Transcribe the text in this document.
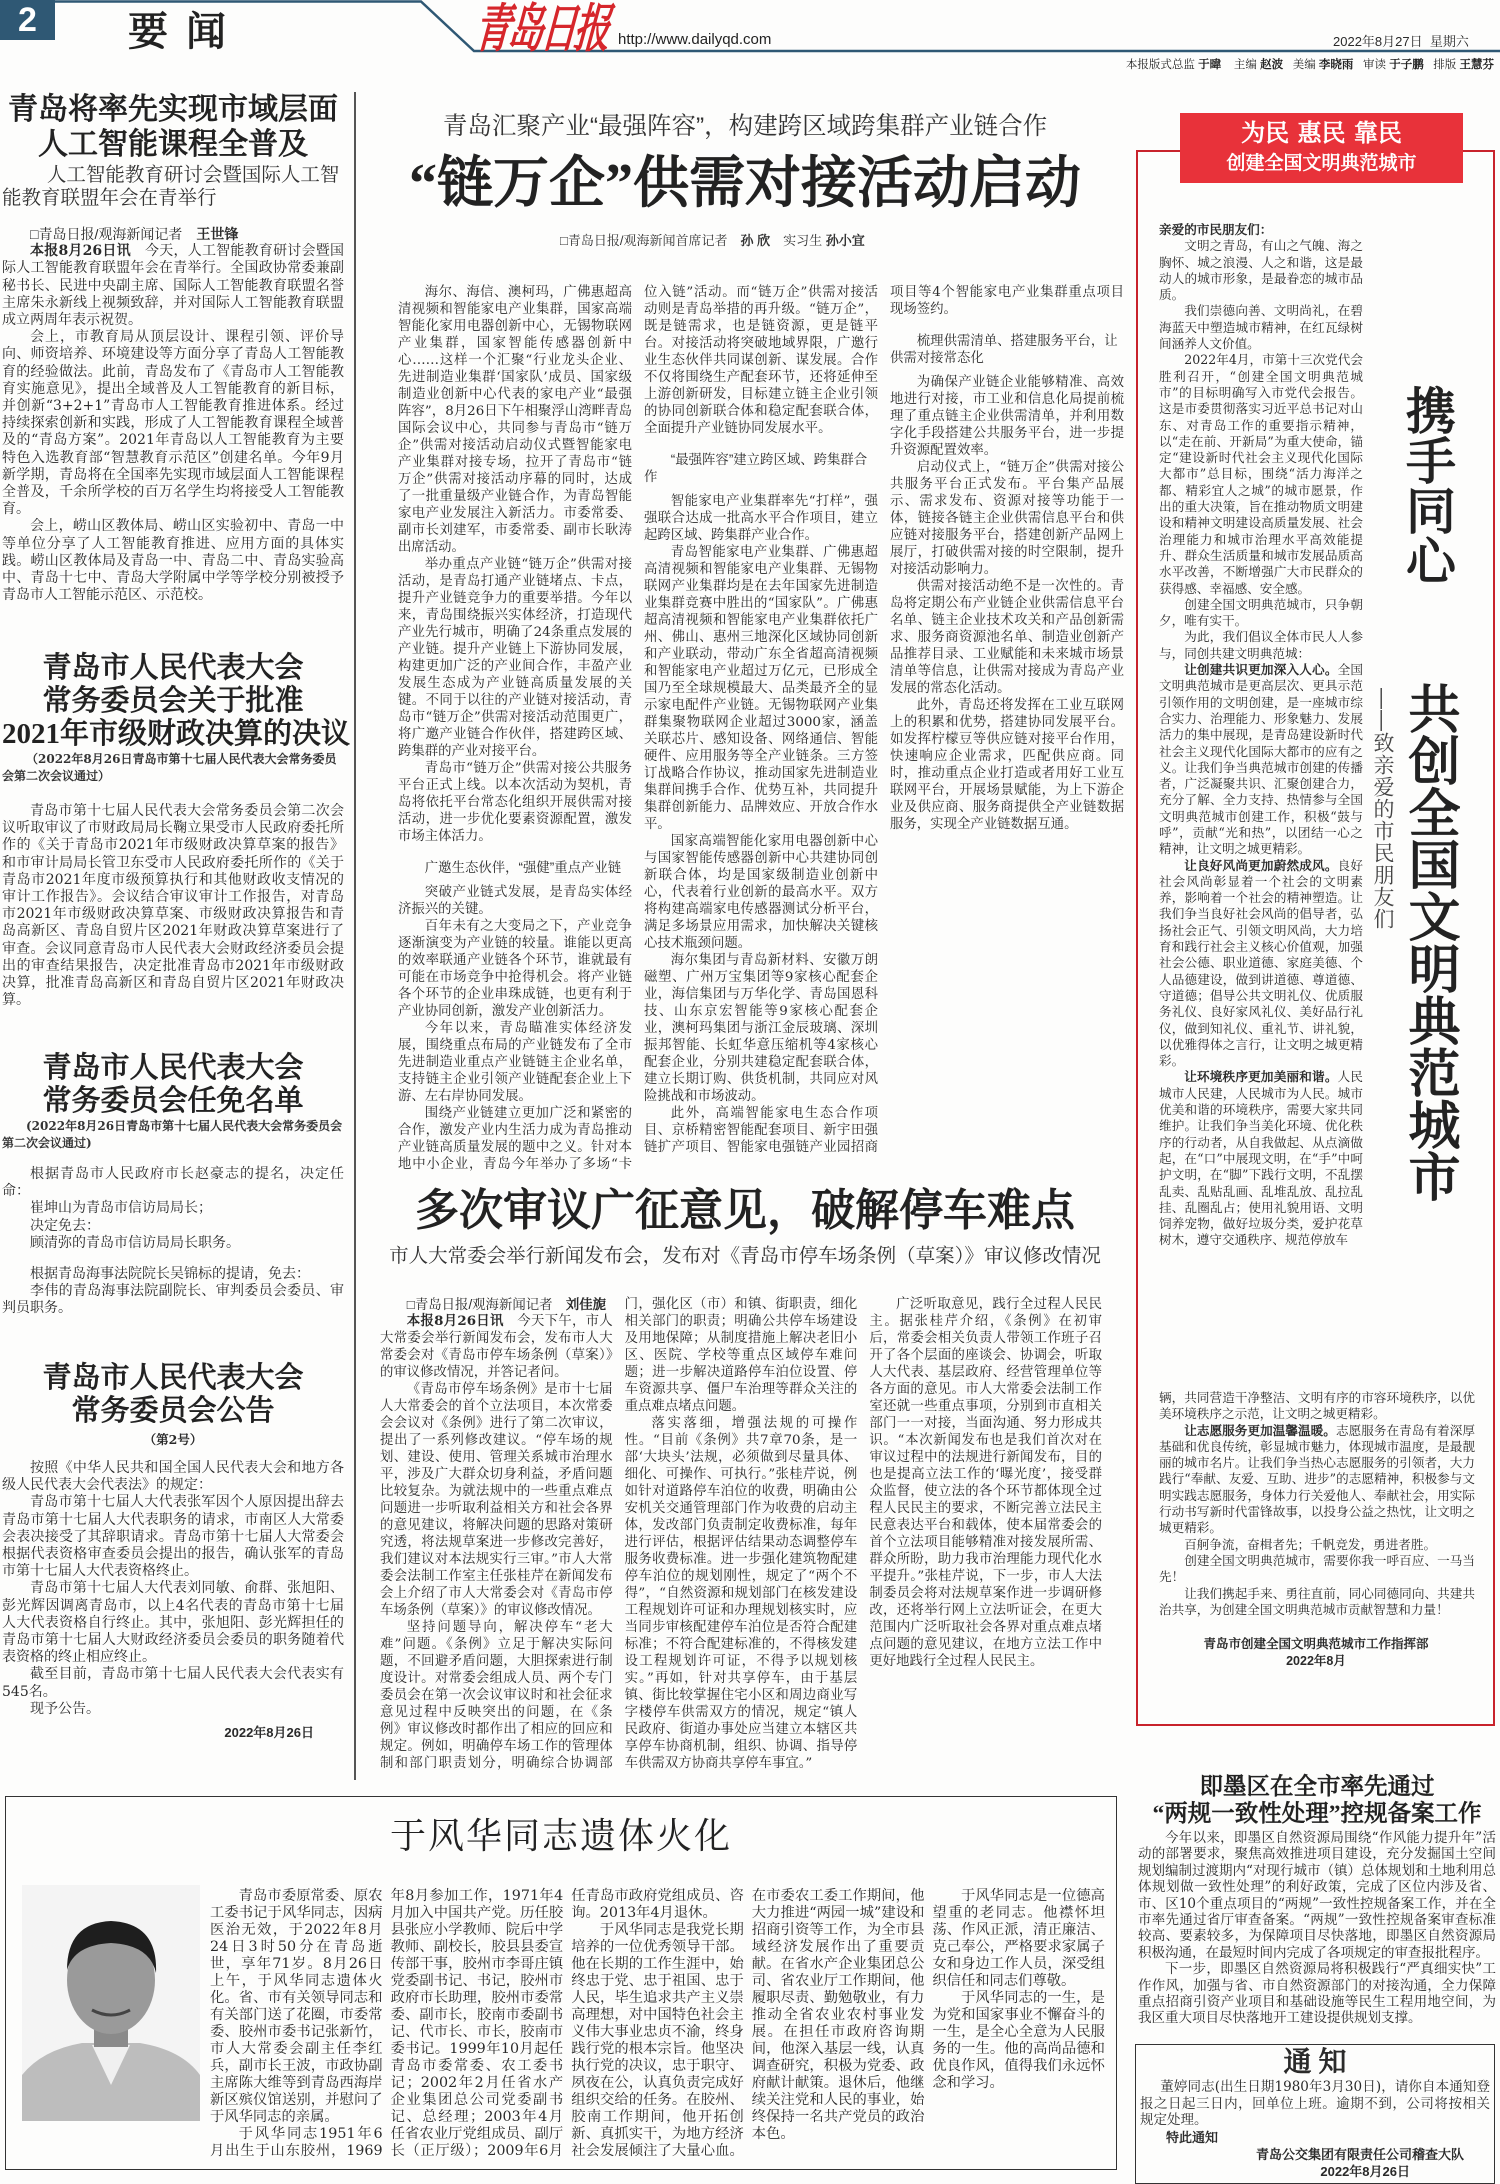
2	要闻	青岛日报 http://www.dailyqd.com	2022年8月27日 星期六
本报版式总监 于暐 主编 赵波 美编 李晓雨 审读 于子鹏 排版 王慧芬
青岛将率先实现市域层面
人工智能课程全普及
人工智能教育研讨会暨国际人工智能教育联盟年会在青举行
□青岛日报/观海新闻记者　 王世锋

本报8月26日讯　今天，人工智能教育研讨会暨国际人工智能教育联盟年会在青举行。全国政协常委兼副秘书长、民进中央副主席、国际人工智能教育联盟名誉主席朱永新线上视频致辞，并对国际人工智能教育联盟成立两周年表示祝贺。

会上，市教育局从顶层设计、课程引领、评价导向、师资培养、环境建设等方面分享了青岛人工智能教育的经验做法。此前，青岛发布了《青岛市人工智能教育实施意见》，提出全域普及人工智能教育的新目标，并创新“3+2+1”青岛市人工智能教育推进体系。经过持续探索创新和实践，形成了人工智能教育课程全域普及的“青岛方案”。2021年青岛以人工智能教育为主要特色入选教育部“智慧教育示范区”创建名单。今年9月新学期，青岛将在全国率先实现市域层面人工智能课程全普及，千余所学校的百万名学生均将接受人工智能教育。

会上，崂山区教体局、崂山区实验初中、青岛一中等单位分享了人工智能教育推进、应用方面的具体实践。崂山区教体局及青岛一中、青岛二中、青岛实验高中、青岛十七中、青岛大学附属中学等学校分别被授予青岛市人工智能示范区、示范校。

青岛市人民代表大会
常务委员会关于批准
2021年市级财政决算的决议
（2022年8月26日青岛市第十七届人民代表大会常务委员会第二次会议通过）

青岛市第十七届人民代表大会常务委员会第二次会议听取审议了市财政局局长鞠立果受市人民政府委托所作的《关于青岛市2021年市级财政决算草案的报告》和市审计局局长管卫东受市人民政府委托所作的《关于青岛市2021年度市级预算执行和其他财政收支情况的审计工作报告》。会议结合审议审计工作报告，对青岛市2021年市级财政决算草案、市级财政决算报告和青岛高新区、青岛自贸片区2021年财政决算草案进行了审查。会议同意青岛市人民代表大会财政经济委员会提出的审查结果报告，决定批准青岛市2021年市级财政决算，批准青岛高新区和青岛自贸片区2021年财政决算。

青岛市人民代表大会
常务委员会任免名单
(2022年8月26日青岛市第十七届人民代表大会常务委员会第二次会议通过)

根据青岛市人民政府市长赵豪志的提名，决定任命：

崔坤山为青岛市信访局局长；

决定免去：

顾清弥的青岛市信访局局长职务。

根据青岛海事法院院长吴锦标的提请，免去：

李伟的青岛海事法院副院长、审判委员会委员、审判员职务。

青岛市人民代表大会
常务委员会公告
（第2号）

按照《中华人民共和国全国人民代表大会和地方各级人民代表大会代表法》的规定：

青岛市第十七届人大代表张军因个人原因提出辞去青岛市第十七届人大代表职务的请求，市南区人大常委会表决接受了其辞职请求。青岛市第十七届人大常委会根据代表资格审查委员会提出的报告，确认张军的青岛市第十七届人大代表资格终止。

青岛市第十七届人大代表刘同敏、俞群、张旭阳、彭光辉因调离青岛市，以上4名代表的青岛市第十七届人大代表资格自行终止。其中，张旭阳、彭光辉担任的青岛市第十七届人大财政经济委员会委员的职务随着代表资格的终止相应终止。

截至目前，青岛市第十七届人民代表大会代表实有545名。

现予公告。

2022年8月26日
青岛汇聚产业“最强阵容”，构建跨区域跨集群产业链合作
“链万企”供需对接活动启动
□青岛日报/观海新闻首席记者　 孙 欣　 实习生 孙小宜

海尔、海信、澳柯玛，广佛惠超高清视频和智能家电产业集群，国家高端智能化家用电器创新中心，无锡物联网产业集群，国家智能传感器创新中心……这样一个汇聚“行业龙头企业、先进制造业集群‘国家队’成员、国家级制造业创新中心代表的家电产业“最强阵容”，8月26日下午相聚浮山湾畔青岛国际会议中心，共同参与青岛市“链万企”供需对接活动启动仪式暨智能家电产业集群对接专场，拉开了青岛市“链万企”供需对接活动序幕的同时，达成了一批重量级产业链合作，为青岛智能家电产业发展注入新活力。市委常委、副市长刘建军，市委常委、副市长耿涛出席活动。

举办重点产业链“链万企”供需对接活动，是青岛打通产业链堵点、卡点，提升产业链竞争力的重要举措。今年以来，青岛围绕振兴实体经济，打造现代产业先行城市，明确了24条重点发展的产业链。提升产业链上下游协同发展，构建更加广泛的产业间合作，丰盈产业发展生态成为产业链高质量发展的关键。不同于以往的产业链对接活动，青岛市“链万企”供需对接活动范围更广，将广邀产业链合作伙伴，搭建跨区域、跨集群的产业对接平台。

青岛市“链万企”供需对接公共服务平台正式上线。以本次活动为契机，青岛将依托平台常态化组织开展供需对接活动，进一步优化要素资源配置，激发市场主体活力。

广邀生态伙伴，“强健”重点产业链

突破产业链式发展，是青岛实体经济振兴的关键。

百年未有之大变局之下，产业竞争逐渐演变为产业链的较量。谁能以更高的效率联通产业链各个环节，谁就最有可能在市场竞争中抢得机会。将产业链各个环节的企业串珠成链，也更有利于产业协同创新，激发产业创新活力。

今年以来，青岛瞄准实体经济发展，围绕重点布局的产业链发布了全市先进制造业重点产业链链主企业名单，支持链主企业引领产业链配套企业上下游、左右岸协同发展。

围绕产业链建立更加广泛和紧密的合作，激发产业内生活力成为青岛推动产业链高质量发展的题中之义。针对本地中小企业，青岛今年举办了多场“卡位入链”活动。而“链万企”供需对接活动则是青岛举措的再升级。“链万企”，既是链需求，也是链资源，更是链平台。对接活动将突破地域界限，广邀行业生态伙伴共同谋创新、谋发展。合作不仅将围绕生产配套环节，还将延伸至上游创新研发，目标建立链主企业引领的协同创新联合体和稳定配套联合体，全面提升产业链协同发展水平。

“最强阵容”建立跨区域、跨集群合作

智能家电产业集群率先“打样”，强强联合达成一批高水平合作项目，建立起跨区域、跨集群产业合作。

青岛智能家电产业集群、广佛惠超高清视频和智能家电产业集群、无锡物联网产业集群均是在去年国家先进制造业集群竞赛中胜出的“国家队”。广佛惠超高清视频和智能家电产业集群依托广州、佛山、惠州三地深化区域协同创新和产业联动，带动广东全省超高清视频和智能家电产业超过万亿元，已形成全国乃至全球规模最大、品类最齐全的显示家电配件产业链。无锡物联网产业集群集聚物联网企业超过3000家，涵盖关联芯片、感知设备、网络通信、智能硬件、应用服务等全产业链条。三方签订战略合作协议，推动国家先进制造业集群间携手合作、优势互补，共同提升集群创新能力、品牌效应、开放合作水平。

国家高端智能化家用电器创新中心与国家智能传感器创新中心共建协同创新联合体，均是国家级制造业创新中心，代表着行业创新的最高水平。双方将构建高端家电传感器测试分析平台，满足多场景应用需求，加快解决关键核心技术瓶颈问题。

海尔集团与青岛新材料、安徽万朗磁塑、广州万宝集团等9家核心配套企业，海信集团与万华化学、青岛国恩科技、山东京宏智能等9家核心配套企业，澳柯玛集团与浙江金辰玻璃、深圳振邦智能、长虹华意压缩机等4家核心配套企业，分别共建稳定配套联合体，建立长期订购、供货机制，共同应对风险挑战和市场波动。

此外，高端智能家电生态合作项目、京桥精密智能配套项目、新宇田强链扩产项目、智能家电强链产业园招商项目等4个智能家电产业集群重点项目现场签约。

梳理供需清单、搭建服务平台，让供需对接常态化

为确保产业链企业能够精准、高效地进行对接，市工业和信息化局提前梳理了重点链主企业供需清单，并利用数字化手段搭建公共服务平台，进一步提升资源配置效率。

启动仪式上，“链万企”供需对接公共服务平台正式发布。平台集产品展示、需求发布、资源对接等功能于一体，链接各链主企业供需信息平台和供应链对接服务平台，搭建创新产品网上展厅，打破供需对接的时空限制，提升对接活动影响力。

供需对接活动绝不是一次性的。青岛将定期公布产业链企业供需信息平台名单、链主企业技术攻关和产品创新需求、服务商资源池名单、制造业创新产品推荐目录、工业赋能和未来城市场景清单等信息，让供需对接成为青岛产业发展的常态化活动。

此外，青岛还将发挥在工业互联网上的积累和优势，搭建协同发展平台。如发挥柠檬豆等供应链对接平台作用，快速响应企业需求，匹配供应商。同时，推动重点企业打造或者用好工业互联网平台，开展场景赋能，为上下游企业及供应商、服务商提供全产业链数据服务，实现全产业链数据互通。

多次审议广征意见，破解停车难点
市人大常委会举行新闻发布会，发布对《青岛市停车场条例（草案）》审议修改情况
□青岛日报/观海新闻记者　 刘佳旎

本报8月26日讯　今天下午，市人大常委会举行新闻发布会，发布市人大常委会对《青岛市停车场条例（草案）》的审议修改情况，并答记者问。

《青岛市停车场条例》是市十七届人大常委会的首个立法项目，本次常委会会议对《条例》进行了第二次审议，提出了一系列修改建议。“停车场的规划、建设、使用、管理关系城市治理水平，涉及广大群众切身利益，矛盾问题比较复杂。为就法规中的一些重点难点问题进一步听取利益相关方和社会各界的意见建议，将解决问题的思路对策研究透，将法规草案进一步修改完善好，我们建议对本法规实行三审。”市人大常委会法制工作室主任张桂芹在新闻发布会上介绍了市人大常委会对《青岛市停车场条例（草案）》的审议修改情况。

坚持问题导向，解决停车“老大难”问题。《条例》立足于解决实际问题，不回避矛盾问题，大胆探索进行制度设计。对常委会组成人员、两个专门委员会在第一次会议审议时和社会征求意见过程中反映突出的问题，在《条例》审议修改时都作出了相应的回应和规定。例如，明确停车场工作的管理体制和部门职责划分，明确综合协调部门，强化区（市）和镇、街职责，细化相关部门的职责；明确公共停车场建设及用地保障；从制度措施上解决老旧小区、医院、学校等重点区域停车难问题；进一步解决道路停车泊位设置、停车资源共享、僵尸车治理等群众关注的重点难点堵点问题。

落实落细，增强法规的可操作性。“目前《条例》共7章70条，是一部‘大块头’法规，必须做到尽量具体、细化、可操作、可执行。”张桂芹说，例如针对道路停车泊位的收费，明确由公安机关交通管理部门作为收费的启动主体，发改部门负责制定收费标准，每年进行评估，根据评估结果动态调整停车服务收费标准。进一步强化建筑物配建停车泊位的规划刚性，规定了“两个不得”，“自然资源和规划部门在核发建设工程规划许可证和办理规划核实时，应当同步审核配建停车泊位是否符合配建标准；不符合配建标准的，不得核发建设工程规划许可证，不得予以规划核实。”再如，针对共享停车，由于基层镇、街比较掌握住宅小区和周边商业写字楼停车供需双方的情况，规定“镇人民政府、街道办事处应当建立本辖区共享停车协商机制，组织、协调、指导停车供需双方协商共享停车事宜。”

广泛听取意见，践行全过程人民民主。据张桂芹介绍，《条例》在初审后，常委会相关负责人带领工作班子召开了各个层面的座谈会、协调会，听取人大代表、基层政府、经营管理单位等各方面的意见。市人大常委会法制工作室还就一些重点事项，分别到市直相关部门一一对接，当面沟通、努力形成共识。“本次新闻发布也是我们首次对在审议过程中的法规进行新闻发布，目的也是提高立法工作的‘曝光度’，接受群众监督，使立法的各个环节都体现全过程人民民主的要求，不断完善立法民主民意表达平台和载体，使本届常委会的首个立法项目能够精准对接发展所需、群众所盼，助力我市治理能力现代化水平提升。”张桂芹说，下一步，市人大法制委员会将对法规草案作进一步调研修改，还将举行网上立法听证会，在更大范围内广泛听取社会各界对重点难点堵点问题的意见建议，在地方立法工作中更好地践行全过程人民民主。

为民 惠民 靠民
创建全国文明典范城市
亲爱的市民朋友们：

文明之青岛，有山之气魄、海之胸怀、城之浪漫、人之和谐，这是最动人的城市形象，是最眷恋的城市品质。

我们崇德向善、文明尚礼，在碧海蓝天中塑造城市精神，在红瓦绿树间涵养人文价值。

2022年4月，市第十三次党代会胜利召开，“创建全国文明典范城市”的目标明确写入市党代会报告。这是市委贯彻落实习近平总书记对山东、对青岛工作的重要指示精神，以“走在前、开新局”为重大使命，锚定“建设新时代社会主义现代化国际大都市”总目标，围绕“活力海洋之都、精彩宜人之城”的城市愿景，作出的重大决策，旨在推动物质文明建设和精神文明建设高质量发展、社会治理能力和城市治理水平高效能提升、群众生活质量和城市发展品质高水平改善，不断增强广大市民群众的获得感、幸福感、安全感。

创建全国文明典范城市，只争朝夕，唯有实干。

为此，我们倡议全体市民人人参与，同创共建文明典范城：

让创建共识更加深入人心。全国文明典范城市是更高层次、更具示范引领作用的文明创建，是一座城市综合实力、治理能力、形象魅力、发展活力的集中展现，是青岛建设新时代社会主义现代化国际大都市的应有之义。让我们争当典范城市创建的传播者，广泛凝聚共识、汇聚创建合力，充分了解、全力支持、热情参与全国文明典范城市创建工作，积极“鼓与呼”，贡献“光和热”，以团结一心之精神，让文明之城更精彩。

让良好风尚更加蔚然成风。良好社会风尚彰显着一个社会的文明素养，影响着一个社会的精神塑造。让我们争当良好社会风尚的倡导者，弘扬社会正气、引领文明风尚，大力培育和践行社会主义核心价值观，加强社会公德、职业道德、家庭美德、个人品德建设，做到讲道德、尊道德、守道德；倡导公共文明礼仪、优质服务礼仪、良好家风礼仪、美好品行礼仪，做到知礼仪、重礼节、讲礼貌，以优雅得体之言行，让文明之城更精彩。

让环境秩序更加美丽和谐。人民城市人民建，人民城市为人民。城市优美和谐的环境秩序，需要大家共同维护。让我们争当美化环境、优化秩序的行动者，从自我做起、从点滴做起，在“口”中展现文明，在“手”中呵护文明，在“脚”下践行文明，不乱摆乱卖、乱贴乱画、乱堆乱放、乱拉乱挂、乱圈乱占；使用礼貌用语、文明饲养宠物，做好垃圾分类，爱护花草树木，遵守交通秩序、规范停放车

携手同心
共创全国文明典范城市
——致亲爱的市民朋友们

辆，共同营造干净整洁、文明有序的市容环境秩序，以优美环境秩序之示范，让文明之城更精彩。

让志愿服务更加温馨温暖。志愿服务在青岛有着深厚基础和优良传统，彰显城市魅力，体现城市温度，是最靓丽的城市名片。让我们争当热心志愿服务的引领者，大力践行“奉献、友爱、互助、进步”的志愿精神，积极参与文明实践志愿服务，身体力行关爱他人、奉献社会，用实际行动书写新时代雷锋故事，以投身公益之热忱，让文明之城更精彩。

百舸争流，奋楫者先；千帆竞发，勇进者胜。

创建全国文明典范城市，需要你我一呼百应、一马当先！

让我们携起手来、勇往直前，同心同德同向、共建共治共享，为创建全国文明典范城市贡献智慧和力量！

青岛市创建全国文明典范城市工作指挥部
2022年8月
于风华同志遗体火化

青岛市委原常委、原农工委书记于风华同志，因病医治无效，于2022年8月24日3时50分在青岛逝世，享年71岁。8月26日上午，于风华同志遗体火化。省、市有关领导同志和有关部门送了花圈，市委常委、胶州市委书记张新竹，市人大常委会副主任李红兵，副市长王波，市政协副主席陈大维等到青岛西海岸新区殡仪馆送别，并慰问了于风华同志的亲属。

于风华同志1951年6月出生于山东胶州，1969年8月参加工作，1971年4月加入中国共产党。历任胶县张应小学教师、院后中学教师、副校长，胶县县委宣传部干事，胶州市李哥庄镇党委副书记、书记，胶州市政府市长助理，胶州市委常委、副市长，胶南市委副书记、代市长、市长，胶南市委书记。1999年10月起任青岛市委常委、农工委书记；2002年2月任省水产企业集团总公司党委副书记、总经理；2003年4月任省农业厅党组成员、副厅长（正厅级）；2009年6月任青岛市政府党组成员、咨询。2013年4月退休。

于风华同志是我党长期培养的一位优秀领导干部。他在长期的工作生涯中，始终忠于党、忠于祖国、忠于人民，毕生追求共产主义崇高理想，对中国特色社会主义伟大事业忠贞不渝，终身践行党的根本宗旨。他坚决执行党的决议，忠于职守、夙夜在公，认真负责完成好组织交给的任务。在胶州、胶南工作期间，他开拓创新、真抓实干，为地方经济社会发展倾注了大量心血。在市委农工委工作期间，他大力推进“两园一城”建设和招商引资等工作，为全市县域经济发展作出了重要贡献。在省水产企业集团总公司、省农业厅工作期间，他履职尽责、勤勉敬业，有力推动全省农业农村事业发展。在担任市政府咨询期间，他深入基层一线，认真调查研究，积极为党委、政府献计献策。退休后，他继续关注党和人民的事业，始终保持一名共产党员的政治本色。

于风华同志是一位德高望重的老同志。他襟怀坦荡、作风正派，清正廉洁、克己奉公，严格要求家属子女和身边工作人员，深受组织信任和同志们尊敬。

于风华同志的一生，是为党和国家事业不懈奋斗的一生，是全心全意为人民服务的一生。他的高尚品德和优良作风，值得我们永远怀念和学习。

即墨区在全市率先通过
“两规一致性处理”控规备案工作

今年以来，即墨区自然资源局围绕“作风能力提升年”活动的部署要求，聚焦高效推进项目建设，充分发掘国土空间规划编制过渡期内“对现行城市（镇）总体规划和土地利用总体规划做一致性处理”的利好政策，完成了区位内涉及省、市、区10个重点项目的“两规”一致性控规备案工作，并在全市率先通过省厅审查备案。“两规”一致性控规备案审查标准较高、要素较多，为保障项目尽快落地，即墨区自然资源局积极沟通，在最短时间内完成了各项规定的审查报批程序。

下一步，即墨区自然资源局将积极践行“严真细实快”工作作风，加强与省、市自然资源部门的对接沟通，全力保障重点招商引资产业项目和基础设施等民生工程用地空间，为我区重大项目尽快落地开工建设提供规划支撑。

通 知

董婷同志(出生日期1980年3月30日)，请你自本通知登报之日起三日内，回单位上班。逾期不到，公司将按相关规定处理。

特此通知
青岛公交集团有限责任公司稽查大队
2022年8月26日
